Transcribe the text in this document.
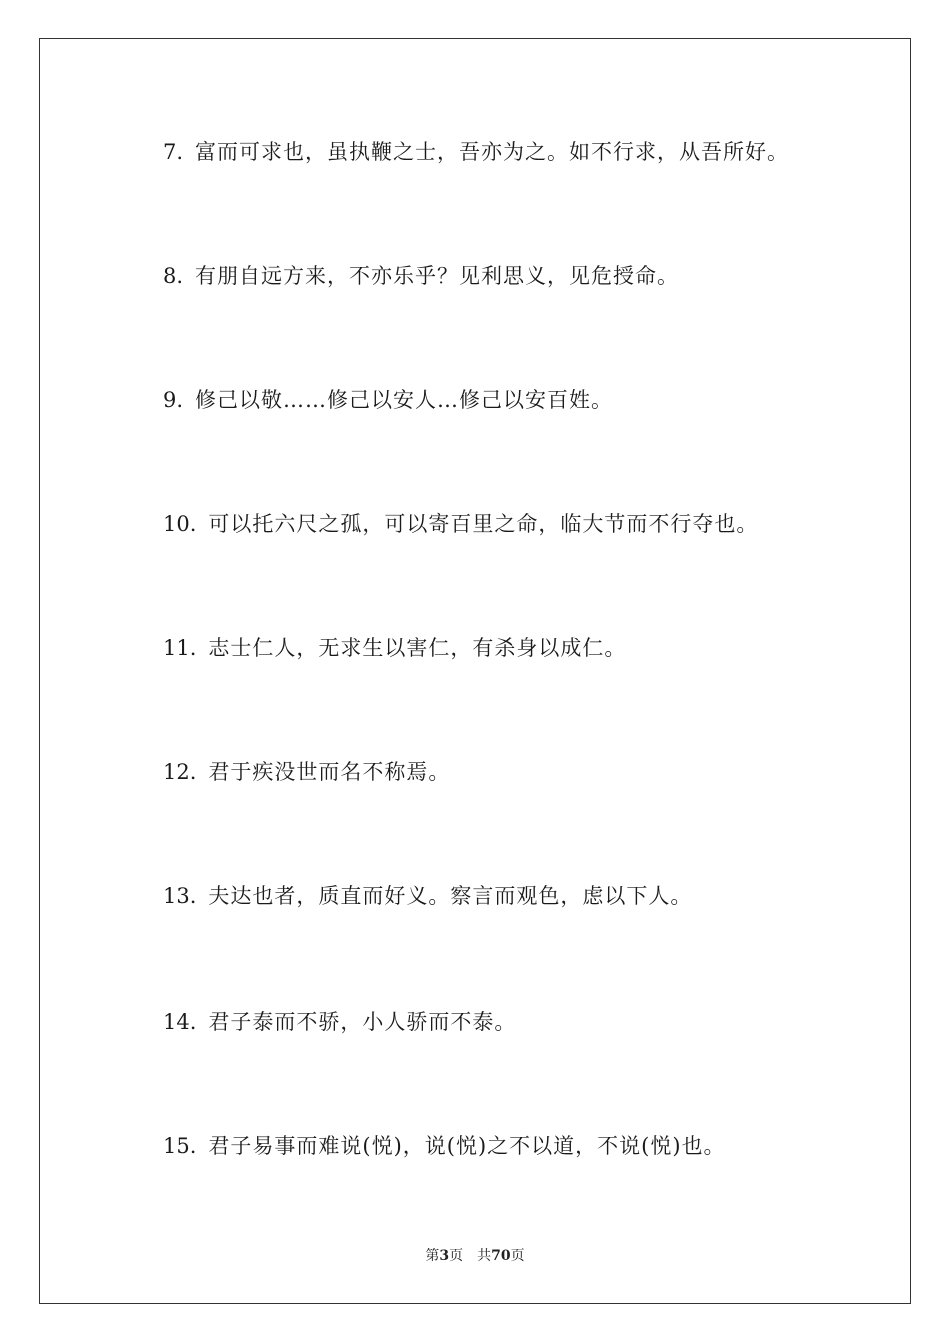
7. 富而可求也，虽执鞭之士，吾亦为之。如不行求，从吾所好。
8. 有朋自远方来，不亦乐乎？见利思义，见危授命。
9. 修己以敬……修己以安人…修己以安百姓。
10. 可以托六尺之孤，可以寄百里之命，临大节而不行夺也。
11. 志士仁人，无求生以害仁，有杀身以成仁。
12. 君于疾没世而名不称焉。
13. 夫达也者，质直而好义。察言而观色，虑以下人。
14. 君子泰而不骄，小人骄而不泰。
15. 君子易事而难说(悦)，说(悦)之不以道，不说(悦)也。
第3页 共70页
